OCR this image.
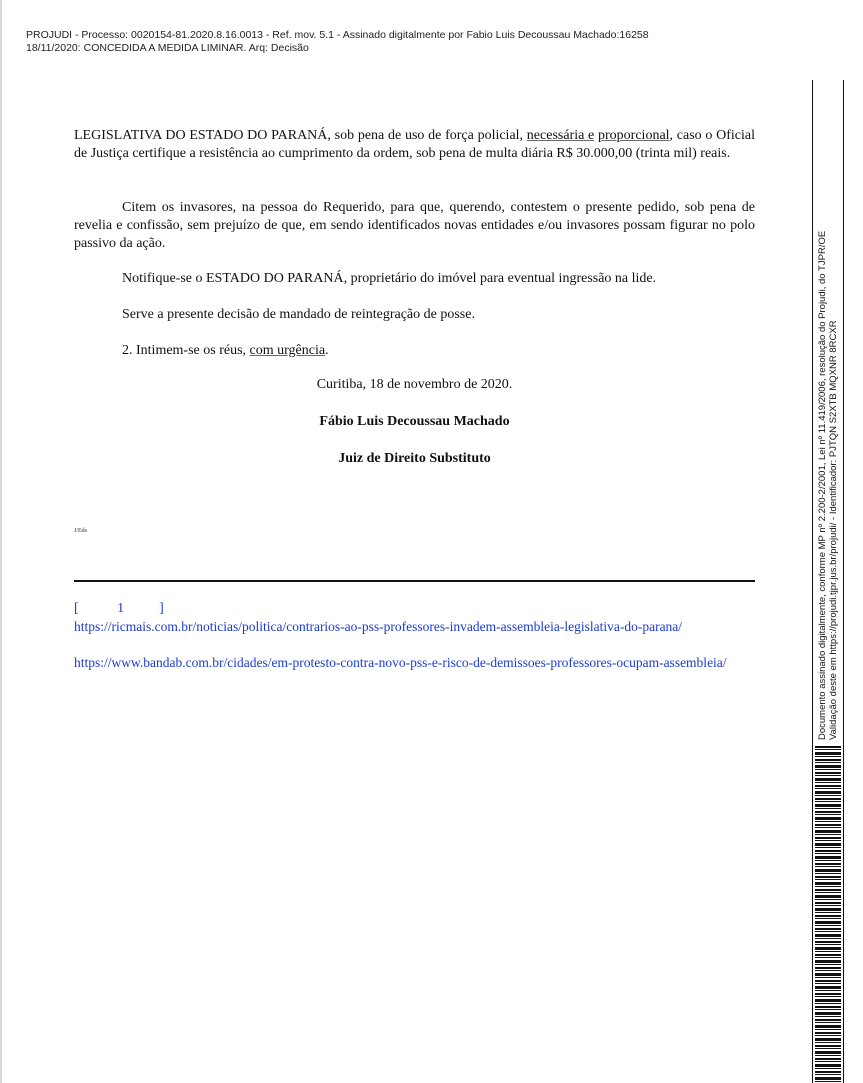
PROJUDI - Processo: 0020154-81.2020.8.16.0013 - Ref. mov. 5.1 - Assinado digitalmente por Fabio Luis Decoussau Machado:16258
18/11/2020: CONCEDIDA A MEDIDA LIMINAR. Arq: Decisão

LEGISLATIVA DO ESTADO DO PARANÁ, sob pena de uso de força policial, necessária e proporcional, caso o Oficial de Justiça certifique a resistência ao cumprimento da ordem, sob pena de multa diária R$ 30.000,00 (trinta mil) reais.

Citem os invasores, na pessoa do Requerido, para que, querendo, contestem o presente pedido, sob pena de revelia e confissão, sem prejuízo de que, em sendo identificados novas entidades e/ou invasores possam figurar no polo passivo da ação.

Notifique-se o ESTADO DO PARANÁ, proprietário do imóvel para eventual ingressão na lide.

Serve a presente decisão de mandado de reintegração de posse.

2. Intimem-se os réus, com urgência.

Curitiba, 18 de novembro de 2020.
Fábio Luis Decoussau Machado
Juiz de Direito Substituto
J/Eds
[           1          ]
https://ricmais.com.br/noticias/politica/contrarios-ao-pss-professores-invadem-assembleia-legislativa-do-parana/
https://www.bandab.com.br/cidades/em-protesto-contra-novo-pss-e-risco-de-demissoes-professores-ocupam-assembleia/	Documento assinado digitalmente, conforme MP nº 2.200-2/2001, Lei nº 11.419/2006, resolução do Projudi, do TJPR/OE Validação deste em https://projudi.tjpr.jus.br/projudi/ - Identificador: PJTQN S2XTB MQXNR 8RCXR
